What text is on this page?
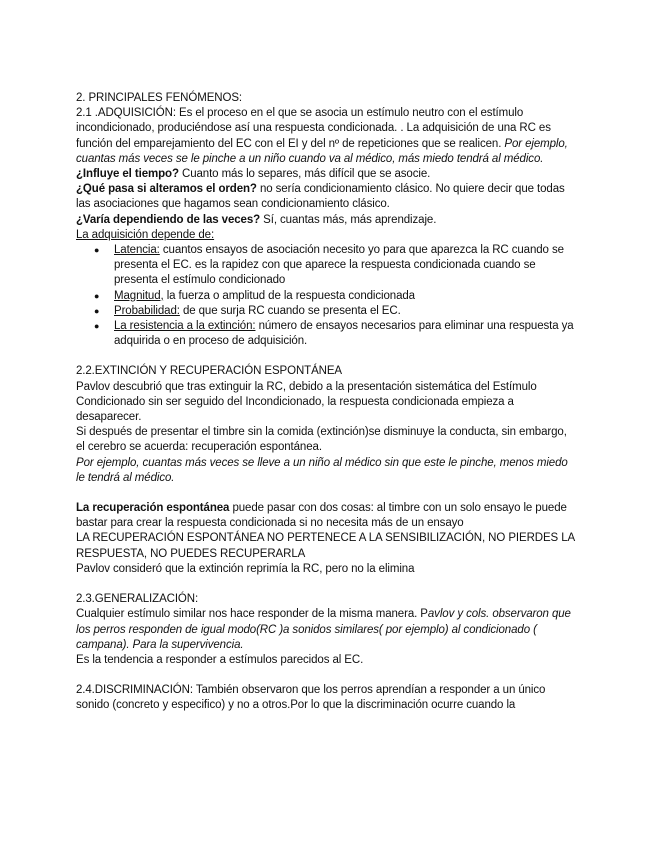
2. PRINCIPALES FENÓMENOS:

2.1 .ADQUISICIÓN: Es el proceso en el que se asocia un estímulo neutro con el estímulo incondicionado, produciéndose así una respuesta condicionada. . La adquisición de una RC es función del emparejamiento del EC con el EI y del nº de repeticiones que se realicen. Por ejemplo, cuantas más veces se le pinche a un niño cuando va al médico, más miedo tendrá al médico.

¿Influye el tiempo? Cuanto más lo separes, más difícil que se asocie.

¿Qué pasa si alteramos el orden? no sería condicionamiento clásico. No quiere decir que todas las asociaciones que hagamos sean condicionamiento clásico.

¿Varía dependiendo de las veces? Sí, cuantas más, más aprendizaje.

La adquisición depende de:

● Latencia: cuantos ensayos de asociación necesito yo para que aparezca la RC cuando se presenta el EC. es la rapidez con que aparece la respuesta condicionada cuando se presenta el estímulo condicionado
● Magnitud, la fuerza o amplitud de la respuesta condicionada
● Probabilidad: de que surja RC cuando se presenta el EC.
● La resistencia a la extinción: número de ensayos necesarios para eliminar una respuesta ya adquirida o en proceso de adquisición.

2.2.EXTINCIÓN Y RECUPERACIÓN ESPONTÁNEA

Pavlov descubrió que tras extinguir la RC, debido a la presentación sistemática del Estímulo Condicionado sin ser seguido del Incondicionado, la respuesta condicionada empieza a desaparecer.

Si después de presentar el timbre sin la comida (extinción)se disminuye la conducta, sin embargo, el cerebro se acuerda: recuperación espontánea.

Por ejemplo, cuantas más veces se lleve a un niño al médico sin que este le pinche, menos miedo le tendrá al médico.

La recuperación espontánea puede pasar con dos cosas: al timbre con un solo ensayo le puede bastar para crear la respuesta condicionada si no necesita más de un ensayo

LA RECUPERACIÓN ESPONTÁNEA NO PERTENECE A LA SENSIBILIZACIÓN, NO PIERDES LA RESPUESTA, NO PUEDES RECUPERARLA

Pavlov consideró que la extinción reprimía la RC, pero no la elimina

2.3.GENERALIZACIÓN:

Cualquier estímulo similar nos hace responder de la misma manera. Pavlov y cols. observaron que los perros responden de igual modo(RC )a sonidos similares( por ejemplo) al condicionado ( campana). Para la supervivencia.

Es la tendencia a responder a estímulos parecidos al EC.

2.4.DISCRIMINACIÓN: También observaron que los perros aprendían a responder a un único sonido (concreto y especifico) y no a otros.Por lo que la discriminación ocurre cuando la
